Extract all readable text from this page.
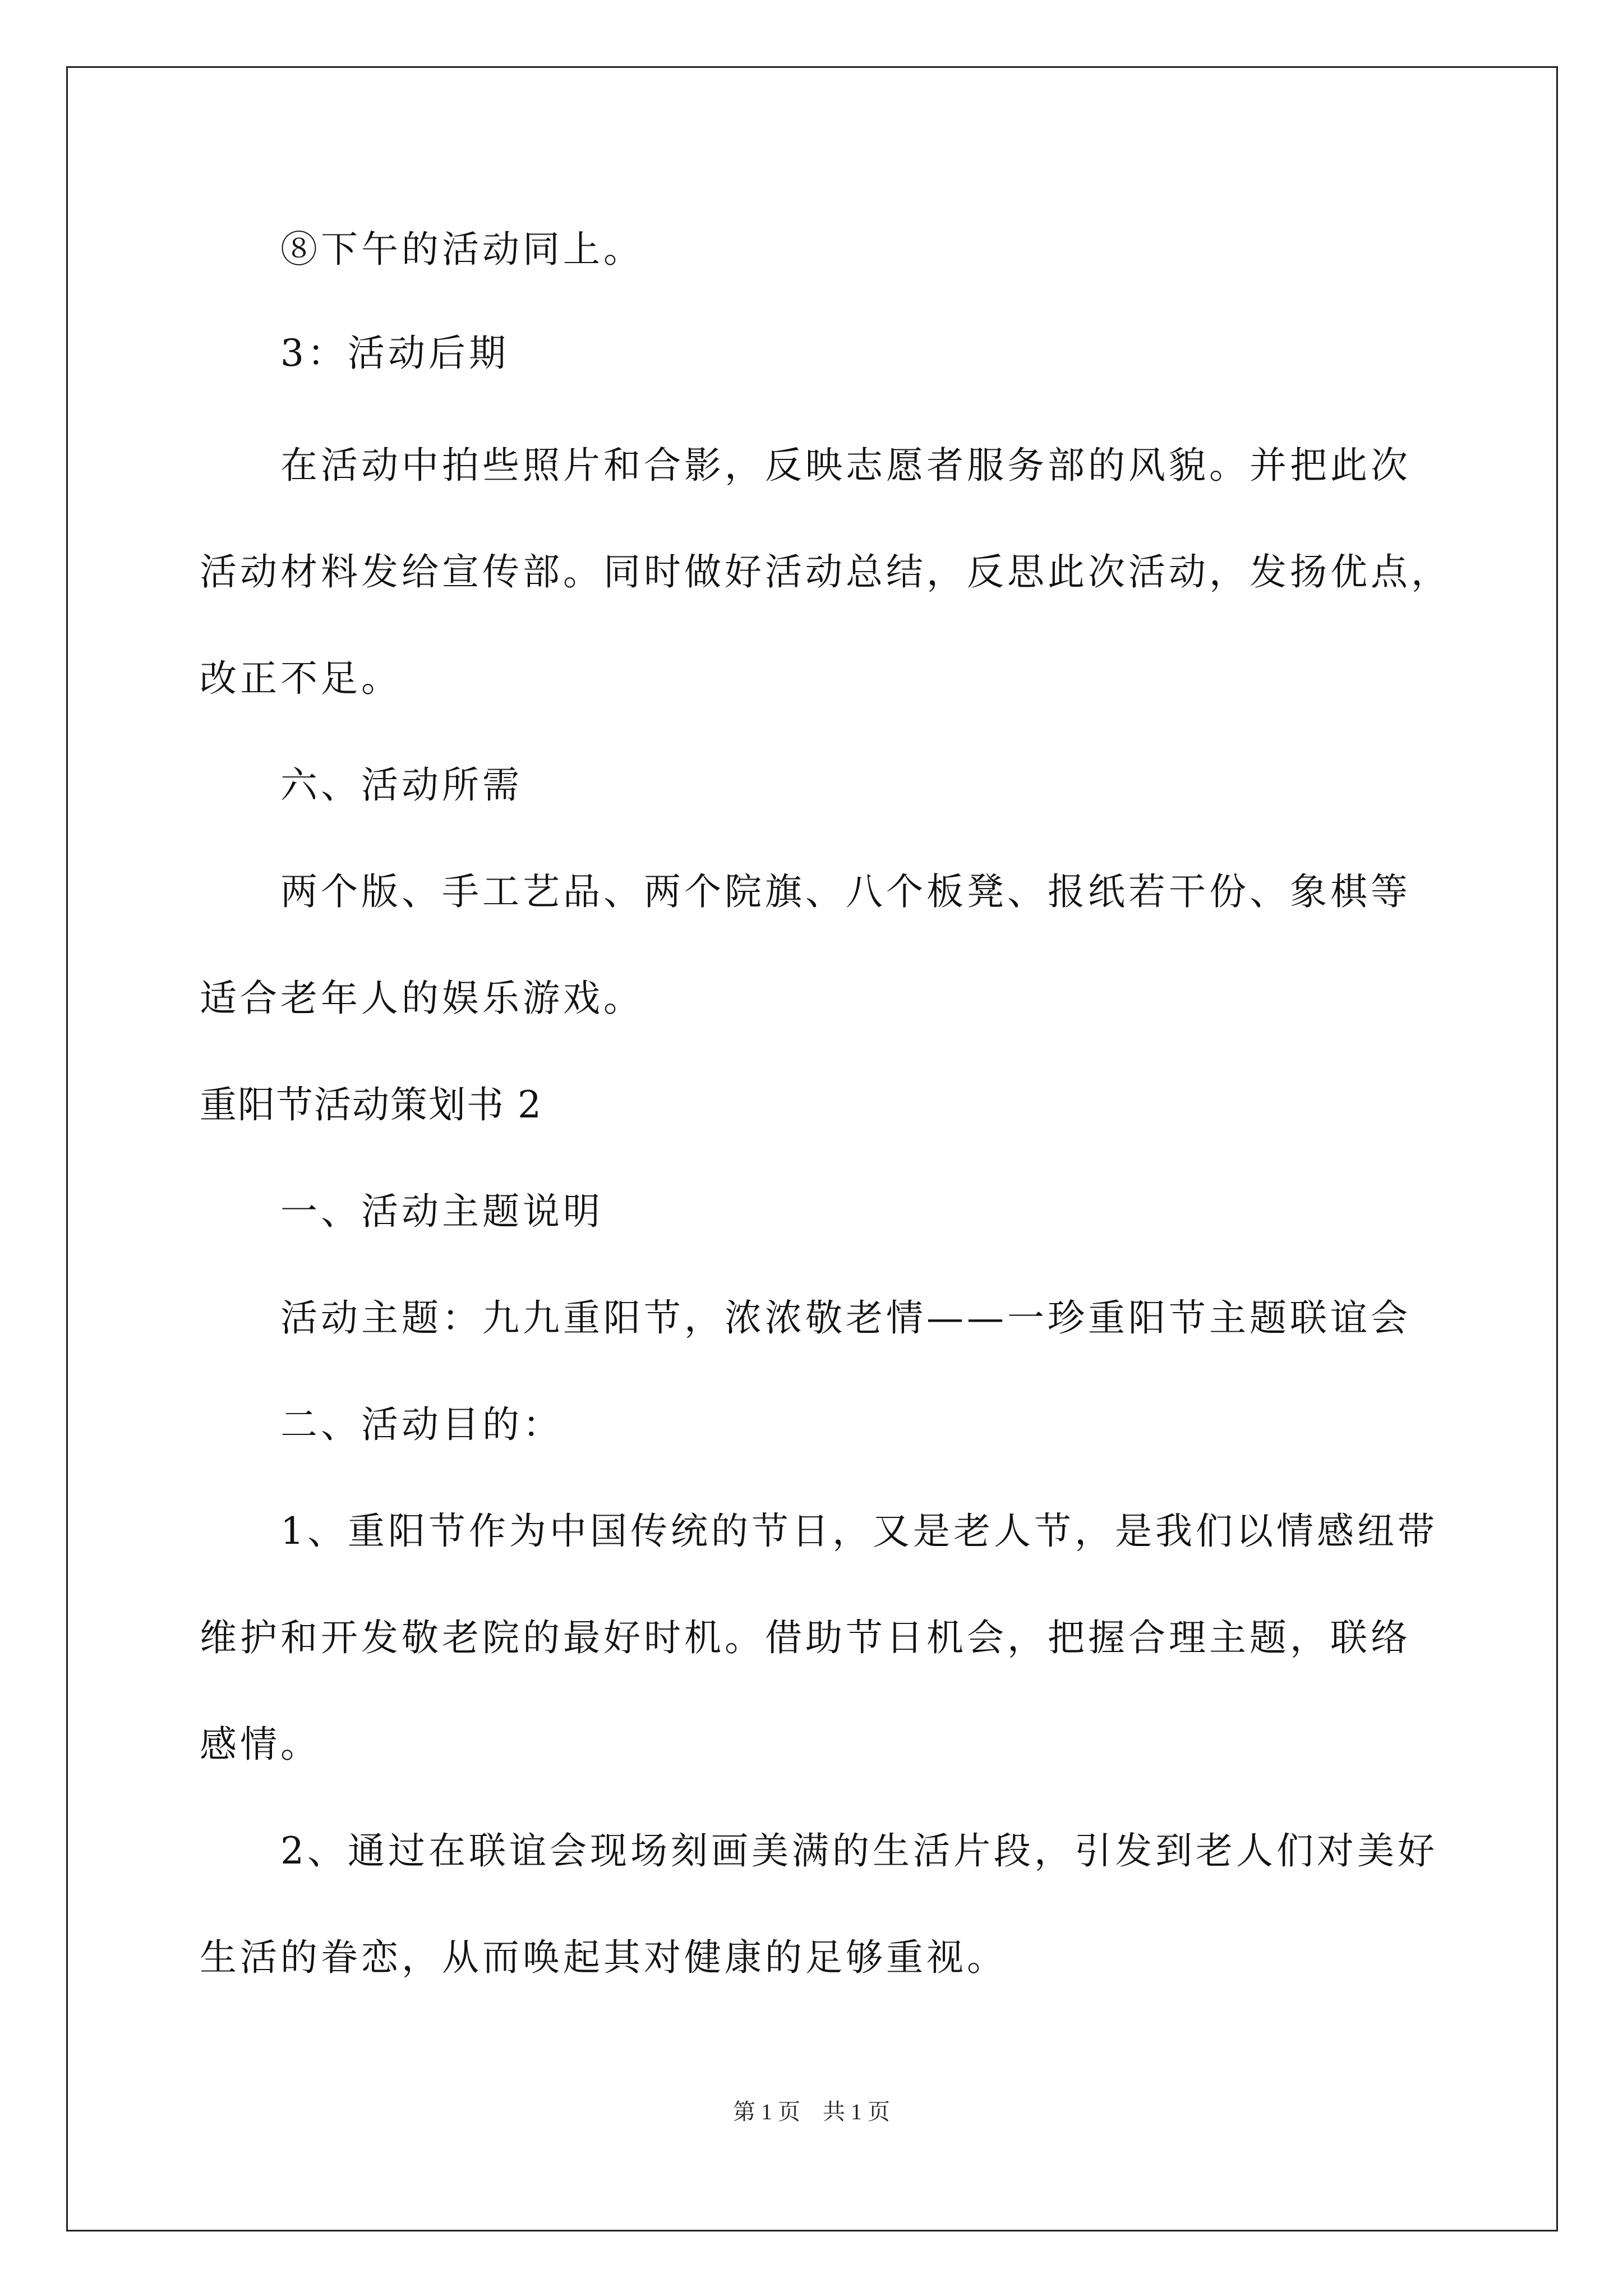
⑧下午的活动同上。
3：活动后期
在活动中拍些照片和合影，反映志愿者服务部的风貌。并把此次
活动材料发给宣传部。同时做好活动总结，反思此次活动，发扬优点，
改正不足。
六、活动所需
两个版、手工艺品、两个院旗、八个板凳、报纸若干份、象棋等
适合老年人的娱乐游戏。
重阳节活动策划书 2
一、活动主题说明
活动主题：九九重阳节，浓浓敬老情——一珍重阳节主题联谊会
二、活动目的：
1、重阳节作为中国传统的节日，又是老人节，是我们以情感纽带
维护和开发敬老院的最好时机。借助节日机会，把握合理主题，联络
感情。
2、通过在联谊会现场刻画美满的生活片段，引发到老人们对美好
生活的眷恋，从而唤起其对健康的足够重视。
第 1 页 共 1 页
